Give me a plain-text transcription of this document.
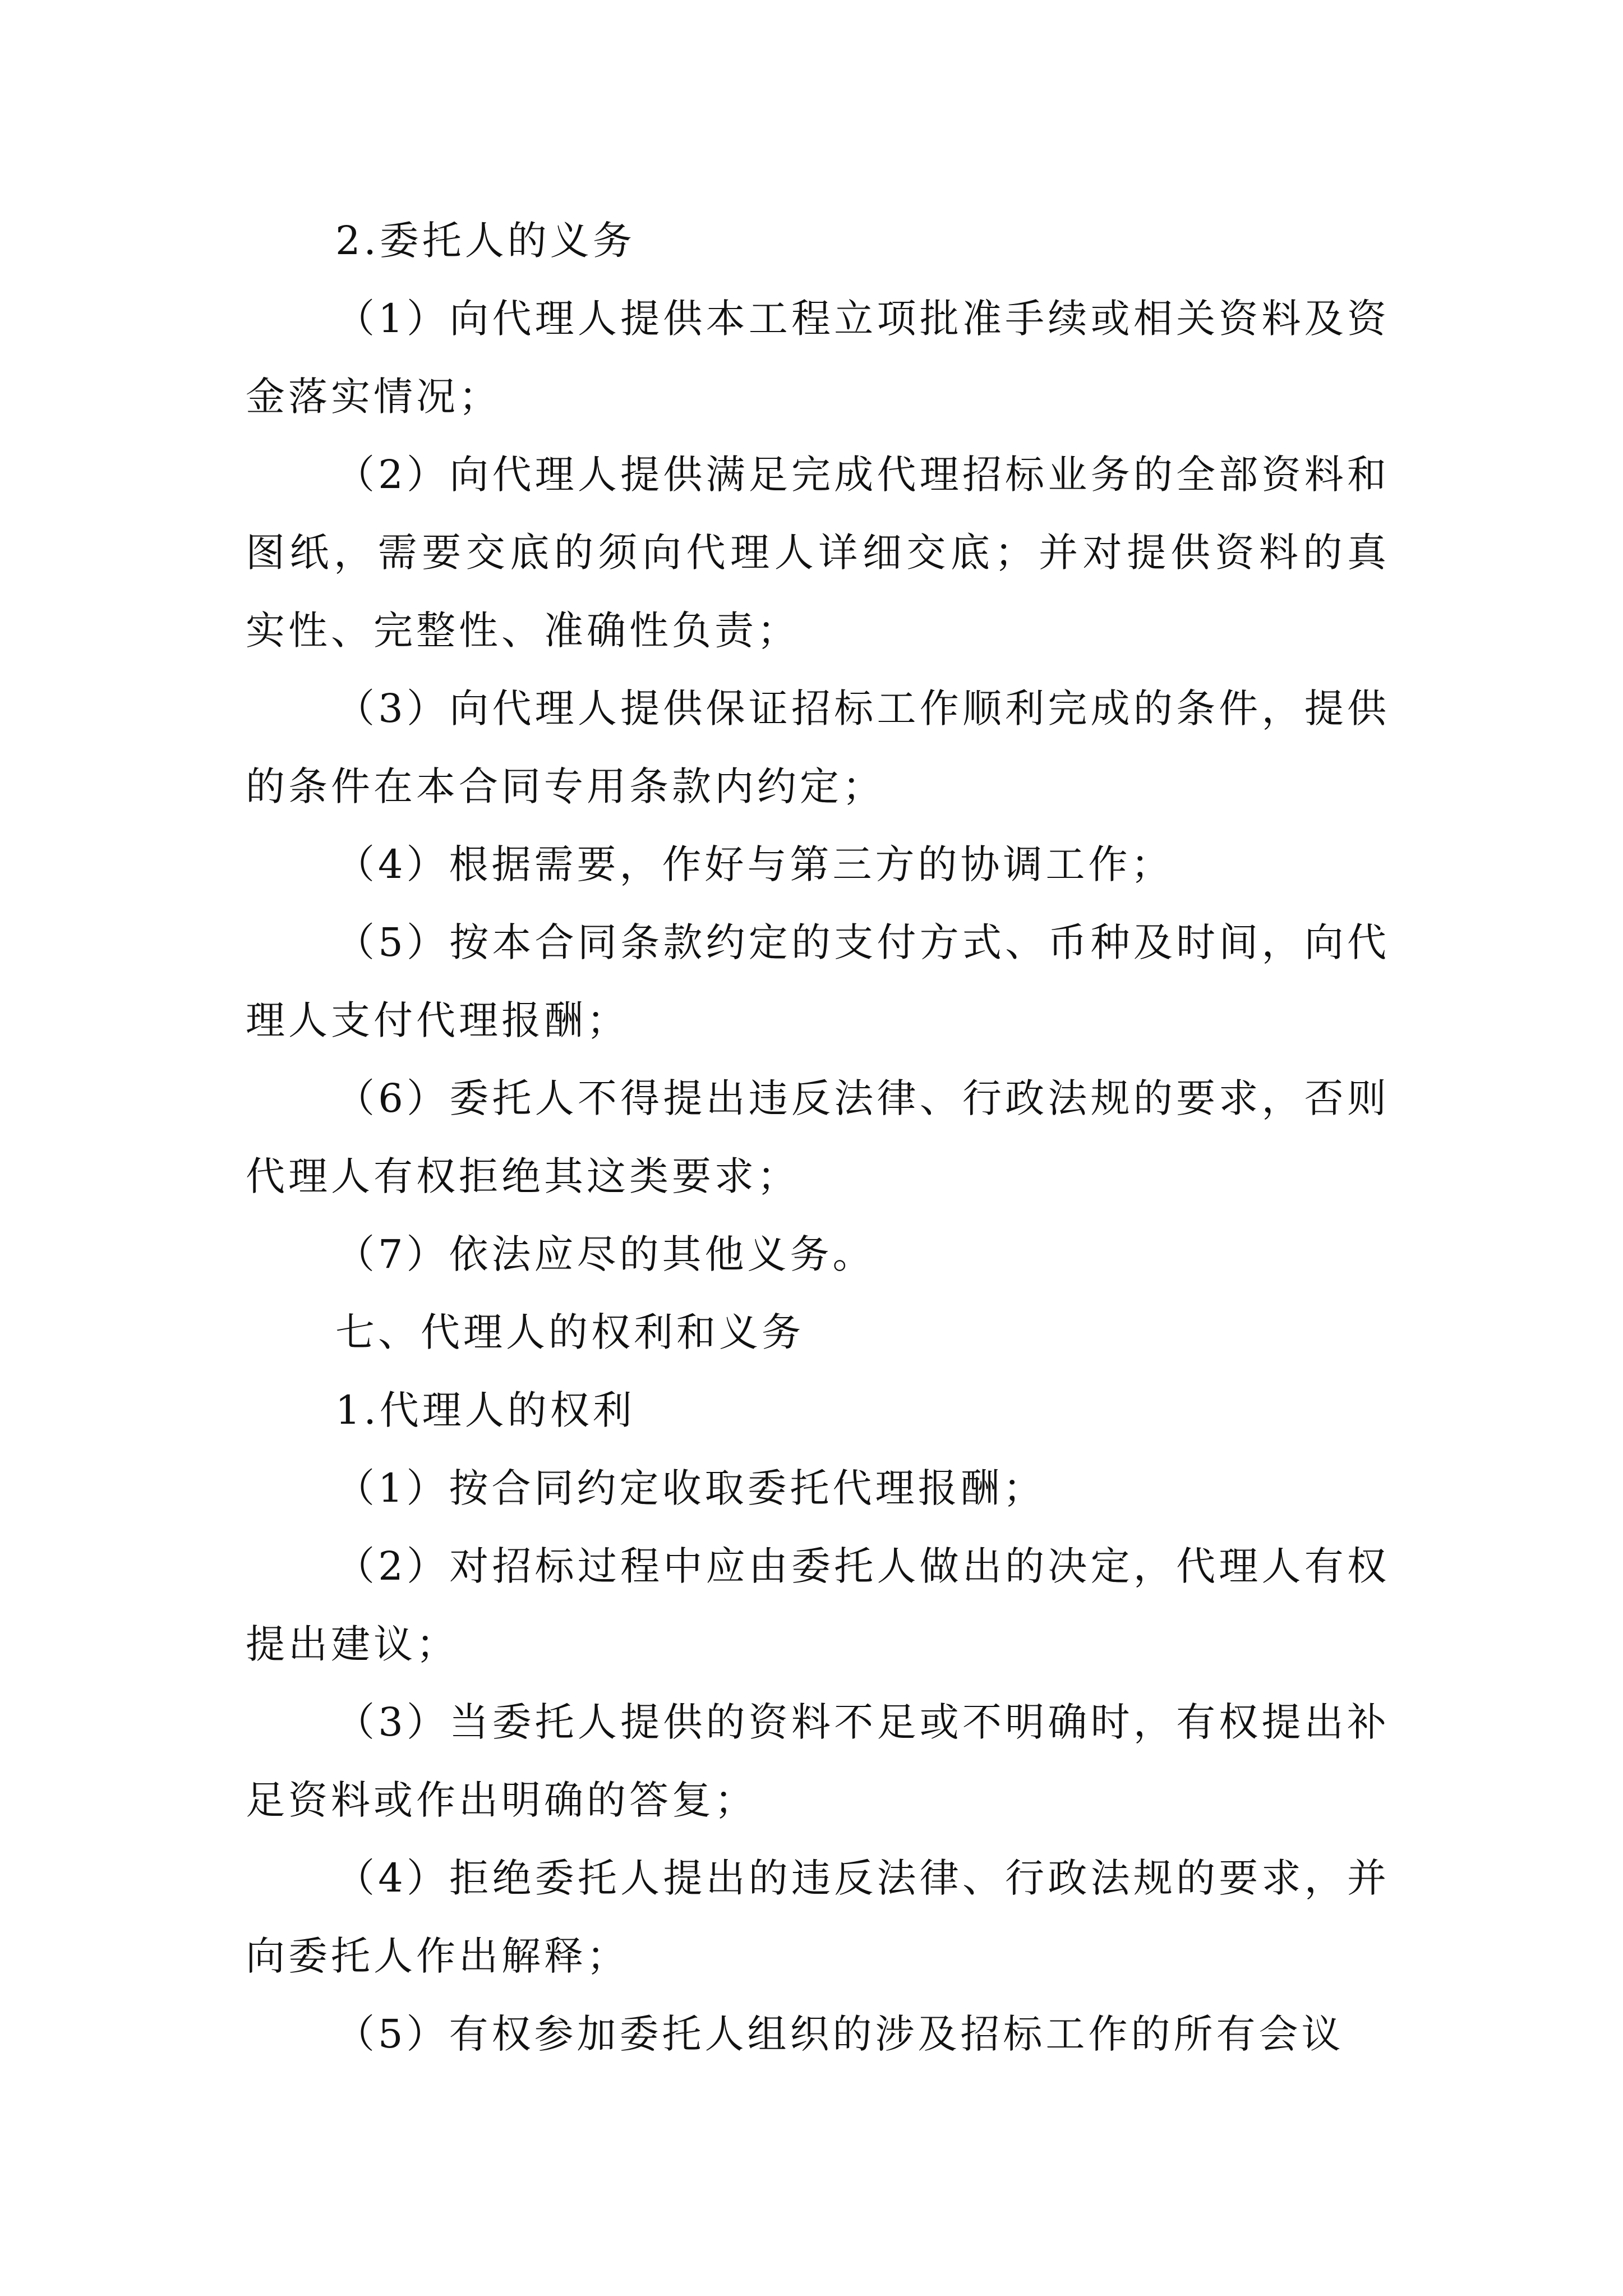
2.委托人的义务

（1）向代理人提供本工程立项批准手续或相关资料及资金落实情况；

（2）向代理人提供满足完成代理招标业务的全部资料和图纸，需要交底的须向代理人详细交底；并对提供资料的真实性、完整性、准确性负责；

（3）向代理人提供保证招标工作顺利完成的条件，提供的条件在本合同专用条款内约定；

（4）根据需要，作好与第三方的协调工作；

（5）按本合同条款约定的支付方式、币种及时间，向代理人支付代理报酬；

（6）委托人不得提出违反法律、行政法规的要求，否则代理人有权拒绝其这类要求；

（7）依法应尽的其他义务。

七、代理人的权利和义务

1.代理人的权利

（1）按合同约定收取委托代理报酬；

（2）对招标过程中应由委托人做出的决定，代理人有权提出建议；

（3）当委托人提供的资料不足或不明确时，有权提出补足资料或作出明确的答复；

（4）拒绝委托人提出的违反法律、行政法规的要求，并向委托人作出解释；

（5）有权参加委托人组织的涉及招标工作的所有会议
